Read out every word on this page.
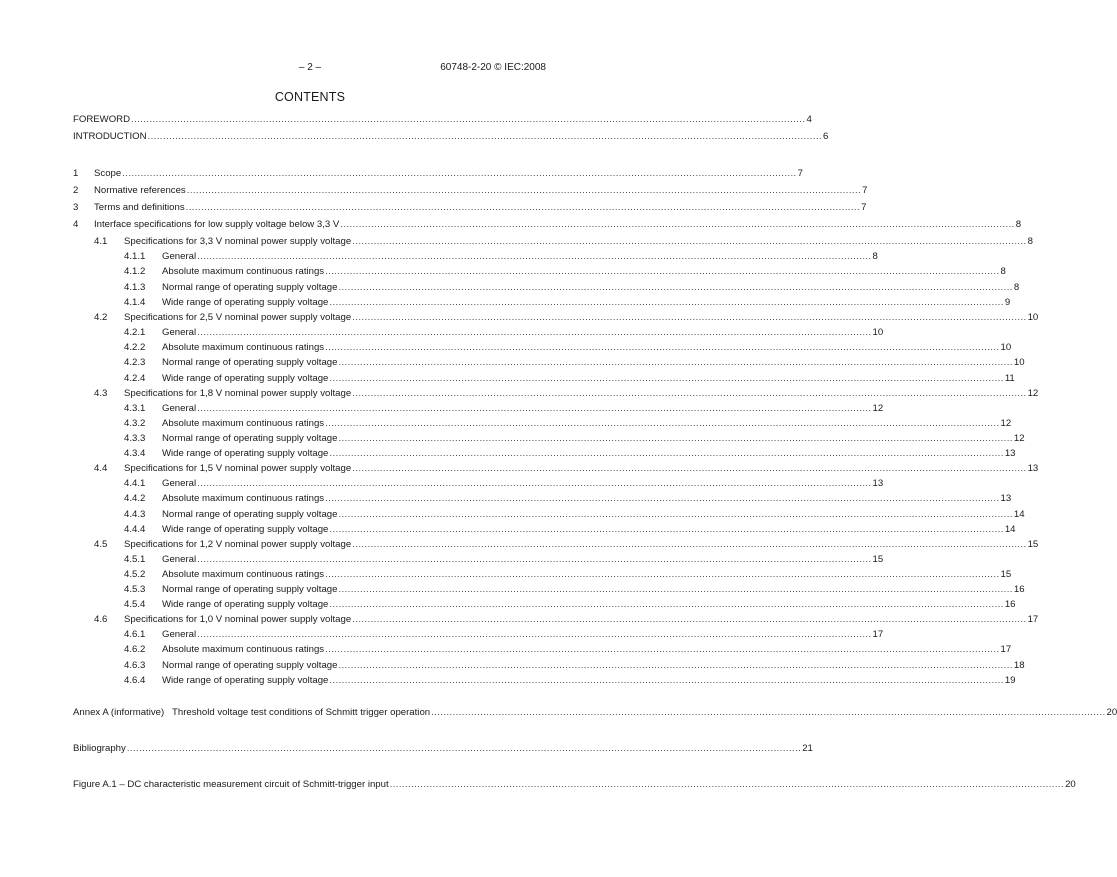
– 2 –	60748-2-20 © IEC:2008
CONTENTS
FOREWORD ............................................................................................................................................................................................................................ 4
INTRODUCTION ............................................................................................................................................................................................................................ 6
1 Scope ............................................................................................................................................................................................................................ 7
2 Normative references ............................................................................................................................................................................................................................ 7
3 Terms and definitions ............................................................................................................................................................................................................................ 7
4 Interface specifications for low supply voltage below 3,3 V ............................................................................................................................................................................................................................ 8
4.1 Specifications for 3,3 V nominal power supply voltage ............................................................................................................................................................................................................................ 8
4.1.1 General ............................................................................................................................................................................................................................ 8
4.1.2 Absolute maximum continuous ratings ............................................................................................................................................................................................................................ 8
4.1.3 Normal range of operating supply voltage ............................................................................................................................................................................................................................ 8
4.1.4 Wide range of operating supply voltage ............................................................................................................................................................................................................................ 9
4.2 Specifications for 2,5 V nominal power supply voltage ............................................................................................................................................................................................................................ 10
4.2.1 General ............................................................................................................................................................................................................................ 10
4.2.2 Absolute maximum continuous ratings ............................................................................................................................................................................................................................ 10
4.2.3 Normal range of operating supply voltage ............................................................................................................................................................................................................................ 10
4.2.4 Wide range of operating supply voltage ............................................................................................................................................................................................................................ 11
4.3 Specifications for 1,8 V nominal power supply voltage ............................................................................................................................................................................................................................ 12
4.3.1 General ............................................................................................................................................................................................................................ 12
4.3.2 Absolute maximum continuous ratings ............................................................................................................................................................................................................................ 12
4.3.3 Normal range of operating supply voltage ............................................................................................................................................................................................................................ 12
4.3.4 Wide range of operating supply voltage ............................................................................................................................................................................................................................ 13
4.4 Specifications for 1,5 V nominal power supply voltage ............................................................................................................................................................................................................................ 13
4.4.1 General ............................................................................................................................................................................................................................ 13
4.4.2 Absolute maximum continuous ratings ............................................................................................................................................................................................................................ 13
4.4.3 Normal range of operating supply voltage ............................................................................................................................................................................................................................ 14
4.4.4 Wide range of operating supply voltage ............................................................................................................................................................................................................................ 14
4.5 Specifications for 1,2 V nominal power supply voltage ............................................................................................................................................................................................................................ 15
4.5.1 General ............................................................................................................................................................................................................................ 15
4.5.2 Absolute maximum continuous ratings ............................................................................................................................................................................................................................ 15
4.5.3 Normal range of operating supply voltage ............................................................................................................................................................................................................................ 16
4.5.4 Wide range of operating supply voltage ............................................................................................................................................................................................................................ 16
4.6 Specifications for 1,0 V nominal power supply voltage ............................................................................................................................................................................................................................ 17
4.6.1 General ............................................................................................................................................................................................................................ 17
4.6.2 Absolute maximum continuous ratings ............................................................................................................................................................................................................................ 17
4.6.3 Normal range of operating supply voltage ............................................................................................................................................................................................................................ 18
4.6.4 Wide range of operating supply voltage ............................................................................................................................................................................................................................ 19
Annex A (informative)   Threshold voltage test conditions of Schmitt trigger operation ............................................................................................................................................................................................................................ 20
Bibliography ............................................................................................................................................................................................................................ 21
Figure A.1 – DC characteristic measurement circuit of Schmitt-trigger input ............................................................................................................................................................................................................................ 20
